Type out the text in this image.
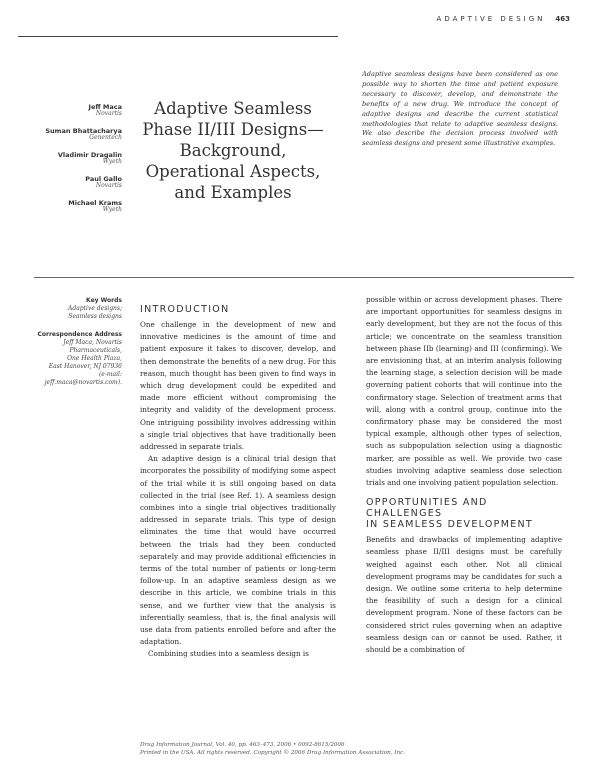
ADAPTIVE DESIGN 463
Jeff Maca
Novartis
Suman Bhattacharya
Genentech
Vladimir Dragalin
Wyeth
Paul Gallo
Novartis
Michael Krams
Wyeth
Adaptive Seamless
Phase II/III Designs—
Background,
Operational Aspects,
and Examples
Adaptive seamless designs have been considered as one possible way to shorten the time and patient exposure necessary to discover, develop, and demonstrate the benefits of a new drug. We introduce the concept of adaptive designs and describe the current statistical methodologies that relate to adaptive seamless designs. We also describe the decision process involved with seamless designs and present some illustrative examples.
Key Words
Adaptive designs;
Seamless designs
Correspondence Address
Jeff Maca, Novartis
Pharmaceuticals,
One Health Plaza,
East Hanover, NJ 07936
(e-mail:
jeff.maca@novartis.com).
INTRODUCTION

One challenge in the development of new and innovative medicines is the amount of time and patient exposure it takes to discover, develop, and then demonstrate the benefits of a new drug. For this reason, much thought has been given to find ways in which drug development could be expedited and made more efficient without compromising the integrity and validity of the development process. One intriguing possibility involves addressing within a single trial objectives that have traditionally been addressed in separate trials.

An adaptive design is a clinical trial design that incorporates the possibility of modifying some aspect of the trial while it is still ongoing based on data collected in the trial (see Ref. 1). A seamless design combines into a single trial objectives traditionally addressed in separate trials. This type of design eliminates the time that would have occurred between the trials had they been conducted separately and may provide additional efficiencies in terms of the total number of patients or long-term follow-up. In an adaptive seamless design as we describe in this article, we combine trials in this sense, and we further view that the analysis is inferentially seamless, that is, the final analysis will use data from patients enrolled before and after the adaptation.

Combining studies into a seamless design is

possible within or across development phases. There are important opportunities for seamless designs in early development, but they are not the focus of this article; we concentrate on the seamless transition between phase IIb (learning) and III (confirming). We are envisioning that, at an interim analysis following the learning stage, a selection decision will be made governing patient cohorts that will continue into the confirmatory stage. Selection of treatment arms that will, along with a control group, continue into the confirmatory phase may be considered the most typical example, although other types of selection, such as subpopulation selection using a diagnostic marker, are possible as well. We provide two case studies involving adaptive seamless dose selection trials and one involving patient population selection.

OPPORTUNITIES AND CHALLENGES
IN SEAMLESS DEVELOPMENT

Benefits and drawbacks of implementing adaptive seamless phase II/III designs must be carefully weighed against each other. Not all clinical development programs may be candidates for such a design. We outline some criteria to help determine the feasibility of such a design for a clinical development program. None of these factors can be considered strict rules governing when an adaptive seamless design can or cannot be used. Rather, it should be a combination of

Drug Information Journal, Vol. 40, pp. 463–473, 2006 • 0092-8615/2006
Printed in the USA. All rights reserved. Copyright © 2006 Drug Information Association, Inc.
